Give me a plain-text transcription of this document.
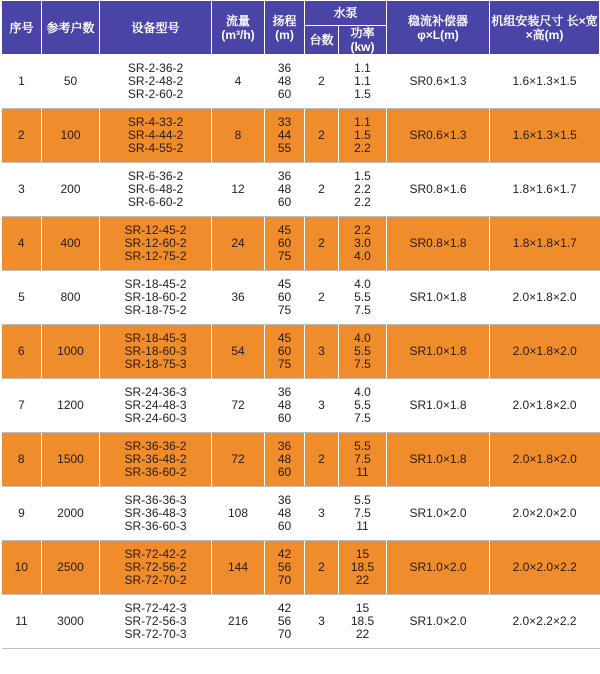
序号	参考户数	设备型号	流量(m³/h)	扬程(m)	水泵		稳流补偿器 φ×L(m)	机组安装尺寸 长×宽×高(m)
					台数	功率(kw)		
1	50	SR-2-36-2
SR-2-48-2
SR-2-60-2	4	36
48
60	2	1.1
1.1
1.5	SR0.6×1.3	1.6×1.3×1.5
2	100	SR-4-33-2
SR-4-44-2
SR-4-55-2	8	33
44
55	2	1.1
1.5
2.2	SR0.6×1.3	1.6×1.3×1.5
3	200	SR-6-36-2
SR-6-48-2
SR-6-60-2	12	36
48
60	2	1.5
2.2
2.2	SR0.8×1.6	1.8×1.6×1.7
4	400	SR-12-45-2
SR-12-60-2
SR-12-75-2	24	45
60
75	2	2.2
3.0
4.0	SR0.8×1.8	1.8×1.8×1.7
5	800	SR-18-45-2
SR-18-60-2
SR-18-75-2	36	45
60
75	2	4.0
5.5
7.5	SR1.0×1.8	2.0×1.8×2.0
6	1000	SR-18-45-3
SR-18-60-3
SR-18-75-3	54	45
60
75	3	4.0
5.5
7.5	SR1.0×1.8	2.0×1.8×2.0
7	1200	SR-24-36-3
SR-24-48-3
SR-24-60-3	72	36
48
60	3	4.0
5.5
7.5	SR1.0×1.8	2.0×1.8×2.0
8	1500	SR-36-36-2
SR-36-48-2
SR-36-60-2	72	36
48
60	2	5.5
7.5
11	SR1.0×1.8	2.0×1.8×2.0
9	2000	SR-36-36-3
SR-36-48-3
SR-36-60-3	108	36
48
60	3	5.5
7.5
11	SR1.0×2.0	2.0×2.0×2.0
10	2500	SR-72-42-2
SR-72-56-2
SR-72-70-2	144	42
56
70	2	15
18.5
22	SR1.0×2.0	2.0×2.0×2.2
11	3000	SR-72-42-3
SR-72-56-3
SR-72-70-3	216	42
56
70	3	15
18.5
22	SR1.0×2.0	2.0×2.2×2.2
